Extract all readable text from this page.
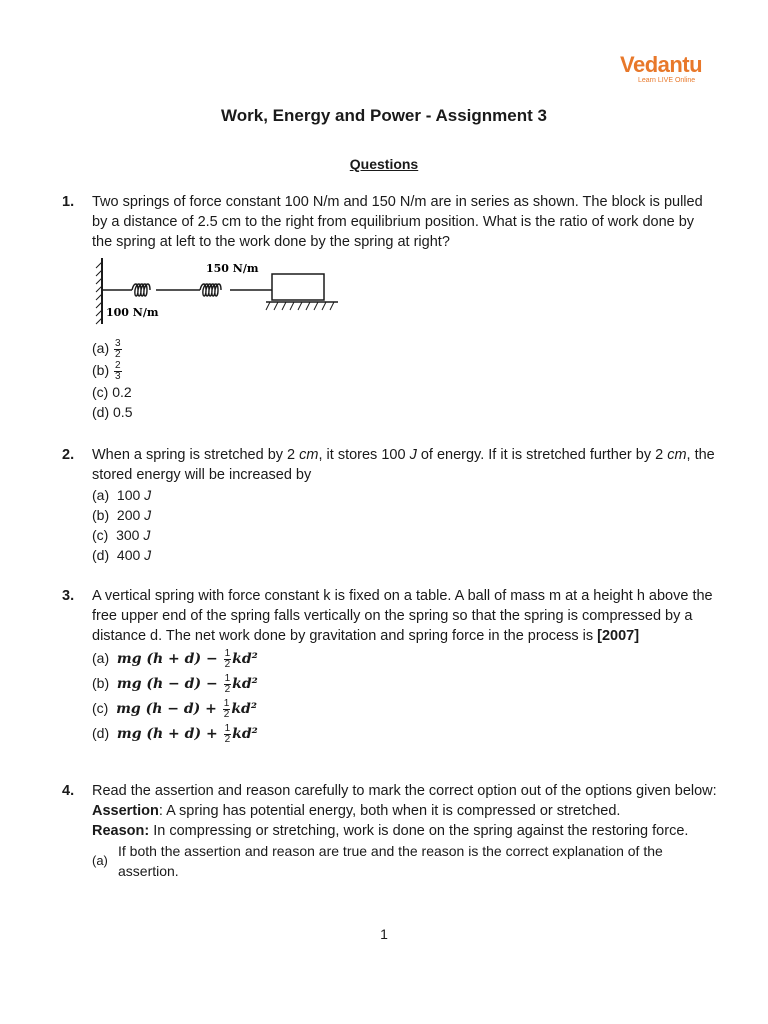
Vedantu
Learn LIVE Online
Work, Energy and Power - Assignment 3
Questions
1. Two springs of force constant 100 N/m and 150 N/m are in series as shown. The block is pulled by a distance of 2.5 cm to the right from equilibrium position. What is the ratio of work done by the spring at left to the work done by the spring at right?
150 N/m
100 N/m
$(a) \frac{3}{2}$
$(b) \frac{2}{3}$
(c) 0.2
(d) 0.5
2. When a spring is stretched by 2 cm, it stores 100 J of energy. If it is stretched further by 2 cm, the stored energy will be increased by
(a) 100 J
(b) 200 J
(c) 300 J
(d) 400 J
3. A vertical spring with force constant k is fixed on a table. A ball of mass m at a height h above the free upper end of the spring falls vertically on the spring so that the spring is compressed by a distance d. The net work done by gravitation and spring force in the process is [2007]
(a) mg $(h + d) - \frac{1}{2} kd^2$
(b) mg $(h - d) - \frac{1}{2} kd^2$
(c) mg $(h - d) + \frac{1}{2} kd^2$
(d) mg $(h + d) + \frac{1}{2} kd^2$
4. Read the assertion and reason carefully to mark the correct option out of the options given below:
Assertion: A spring has potential energy, both when it is compressed or stretched.
Reason: In compressing or stretching, work is done on the spring against the restoring force.
(a)
If both the assertion and reason are true and the reason is the correct explanation of the assertion.
1
